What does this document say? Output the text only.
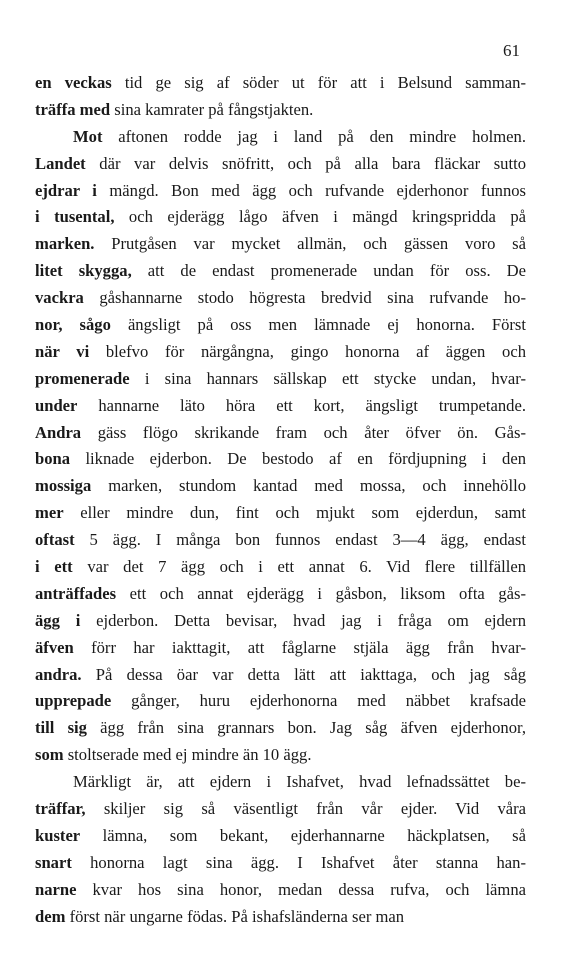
61
en veckas tid ge sig af söder ut för att i Belsund samman-
träffa med sina kamrater på fångstjakten.
Mot aftonen rodde jag i land på den mindre holmen.
Landet där var delvis snöfritt, och på alla bara fläckar sutto
ejdrar i mängd. Bon med ägg och rufvande ejderhonor funnos
i tusental, och ejderägg lågo äfven i mängd kringspridda på
marken. Prutgåsen var mycket allmän, och gässen voro så
litet skygga, att de endast promenerade undan för oss. De
vackra gåshannarne stodo högresta bredvid sina rufvande ho-
nor, sågo ängsligt på oss men lämnade ej honorna. Först
när vi blefvo för närgångna, gingo honorna af äggen och
promenerade i sina hannars sällskap ett stycke undan, hvar-
under hannarne läto höra ett kort, ängsligt trumpetande.
Andra gäss flögo skrikande fram och åter öfver ön. Gås-
bona liknade ejderbon. De bestodo af en fördjupning i den
mossiga marken, stundom kantad med mossa, och innehöllo
mer eller mindre dun, fint och mjukt som ejderdun, samt
oftast 5 ägg. I många bon funnos endast 3—4 ägg, endast
i ett var det 7 ägg och i ett annat 6. Vid flere tillfällen
anträffades ett och annat ejderägg i gåsbon, liksom ofta gås-
ägg i ejderbon. Detta bevisar, hvad jag i fråga om ejdern
äfven förr har iakttagit, att fåglarne stjäla ägg från hvar-
andra. På dessa öar var detta lätt att iakttaga, och jag såg
upprepade gånger, huru ejderhonorna med näbbet krafsade
till sig ägg från sina grannars bon. Jag såg äfven ejderhonor,
som stoltserade med ej mindre än 10 ägg.
Märkligt är, att ejdern i Ishafvet, hvad lefnadssättet be-
träffar, skiljer sig så väsentligt från vår ejder. Vid våra
kuster lämna, som bekant, ejderhannarne häckplatsen, så
snart honorna lagt sina ägg. I Ishafvet åter stanna han-
narne kvar hos sina honor, medan dessa rufva, och lämna
dem först när ungarne födas. På ishafsländerna ser man
